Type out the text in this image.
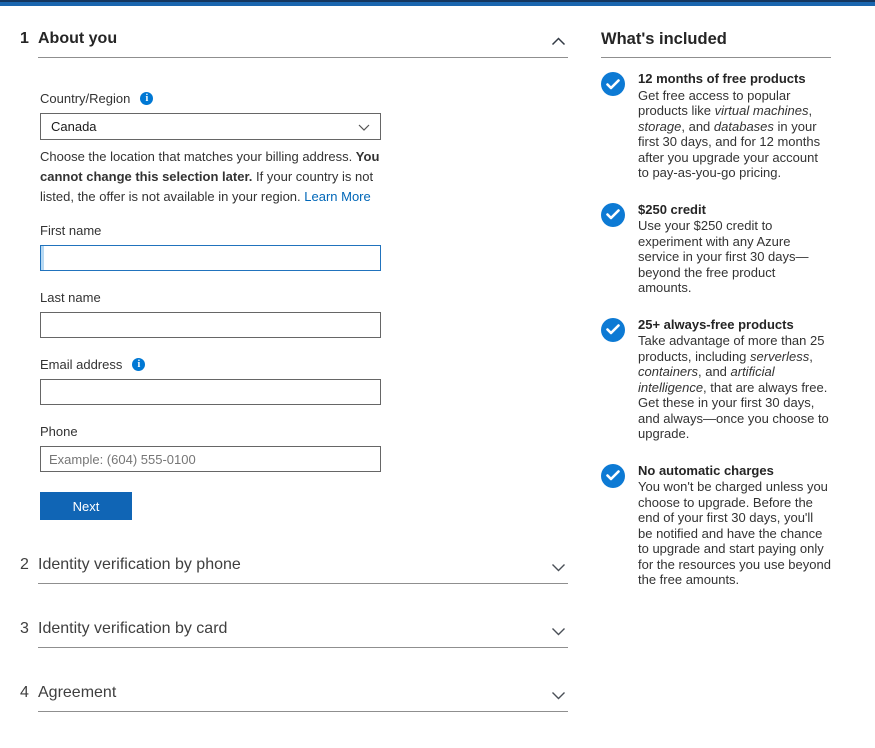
1 About you
Country/Region	i
Canada
Choose the location that matches your billing address. You cannot change this selection later. If your country is not listed, the offer is not available in your region. Learn More
First name
Last name
Email address	i
Phone
Example: (604) 555-0100
Next
2 Identity verification by phone
3 Identity verification by card
4 Agreement
What's included
12 months of free products
Get free access to popular products like virtual machines, storage, and databases in your first 30 days, and for 12 months after you upgrade your account to pay-as-you-go pricing.
$250 credit
Use your $250 credit to experiment with any Azure service in your first 30 days—beyond the free product amounts.
25+ always-free products
Take advantage of more than 25 products, including serverless, containers, and artificial intelligence, that are always free. Get these in your first 30 days, and always—once you choose to upgrade.
No automatic charges
You won't be charged unless you choose to upgrade. Before the end of your first 30 days, you'll be notified and have the chance to upgrade and start paying only for the resources you use beyond the free amounts.
